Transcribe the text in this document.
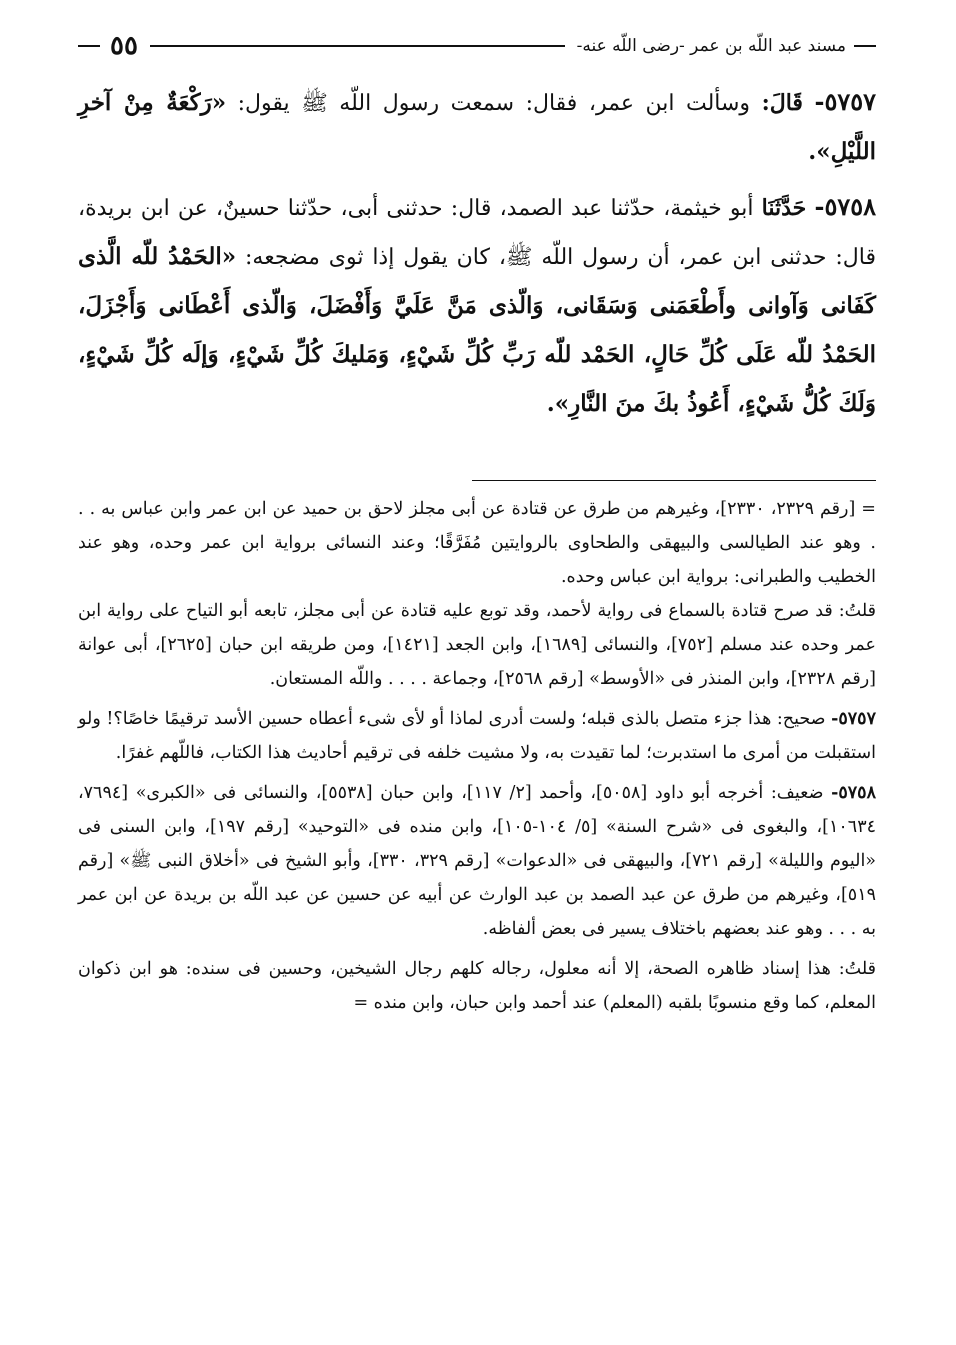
مسند عبد اللّه بن عمر -رضى اللّه عنه-
٥٥

٥٧٥٧- قَالَ: وسألت ابن عمر، فقال: سمعت رسول اللّه ﷺ يقول: «رَكْعَةٌ مِنْ آخرِ اللَّيْلِ».

٥٧٥٨- حَدَّثَنَا أبو خيثمة، حدّثنا عبد الصمد، قال: حدثنى أبى، حدّثنا حسينٌ، عن ابن بريدة، قال: حدثنى ابن عمر، أن رسول اللّه ﷺ، كان يقول إذا ثوى مضجعه: «الحَمْدُ للّه الَّذى كَفَانى وَآوانى وأَطْعَمَنى وَسَقَانى، وَالّذى مَنَّ عَلَيَّ وَأَفْضَلَ، وَالّذى أَعْطَانى وَأَجْزَلَ، الحَمْدُ للّه عَلَى كُلِّ حَالٍ، الحَمْد للّه رَبِّ كُلِّ شَيْءٍ، وَمَليكَ كُلِّ شَيْءٍ، وَإلَه كُلِّ شَيْءٍ، وَلَكَ كُلُّ شَيْءٍ، أَعُوذُ بكَ منَ النَّارِ».

= [رقم ٢٣٢٩، ٢٣٣٠]، وغيرهم من طرق عن قتادة عن أبى مجلز لاحق بن حميد عن ابن عمر وابن عباس به . . . وهو عند الطيالسى والبيهقى والطحاوى بالروايتين مُفَرَّقًا؛ وعند النسائى برواية ابن عمر وحده، وهو عند الخطيب والطبرانى: برواية ابن عباس وحده.

قلتُ: قد صرح قتادة بالسماع فى رواية لأحمد، وقد توبع عليه قتادة عن أبى مجلز، تابعه أبو التياح على رواية ابن عمر وحده عند مسلم [٧٥٢]، والنسائى [١٦٨٩]، وابن الجعد [١٤٢١]، ومن طريقه ابن حبان [٢٦٢٥]، أبى عوانة [رقم ٢٣٢٨]، وابن المنذر فى «الأوسط» [رقم ٢٥٦٨]، وجماعة . . . . واللّه المستعان.

٥٧٥٧- صحيح: هذا جزء متصل بالذى قبله؛ ولست أدرى لماذا أو لأى شىء أعطاه حسين الأسد ترقيمًا خاصًا؟! ولو استقبلت من أمرى ما استدبرت؛ لما تقيدت به، ولا مشيت خلفه فى ترقيم أحاديث هذا الكتاب، فاللّهم غفرًا.

٥٧٥٨- ضعيف: أخرجه أبو داود [٥٠٥٨]، وأحمد [٢/ ١١٧]، وابن حبان [٥٥٣٨]، والنسائى فى «الكبرى» [٧٦٩٤، ١٠٦٣٤]، والبغوى فى «شرح السنة» [٥/ ١٠٤-١٠٥]، وابن منده فى «التوحيد» [رقم ١٩٧]، وابن السنى فى «اليوم والليلة» [رقم ٧٢١]، والبيهقى فى «الدعوات» [رقم ٣٢٩، ٣٣٠]، وأبو الشيخ فى «أخلاق النبى ﷺ» [رقم ٥١٩]، وغيرهم من طرق عن عبد الصمد بن عبد الوارث عن أبيه عن حسين عن عبد اللّه بن بريدة عن ابن عمر به . . . وهو عند بعضهم باختلاف يسير فى بعض ألفاظه.

قلتُ: هذا إسناد ظاهره الصحة، إلا أنه معلول، رجاله كلهم رجال الشيخين، وحسين فى سنده: هو ابن ذكوان المعلم، كما وقع منسوبًا بلقبه (المعلم) عند أحمد وابن حبان، وابن منده =
